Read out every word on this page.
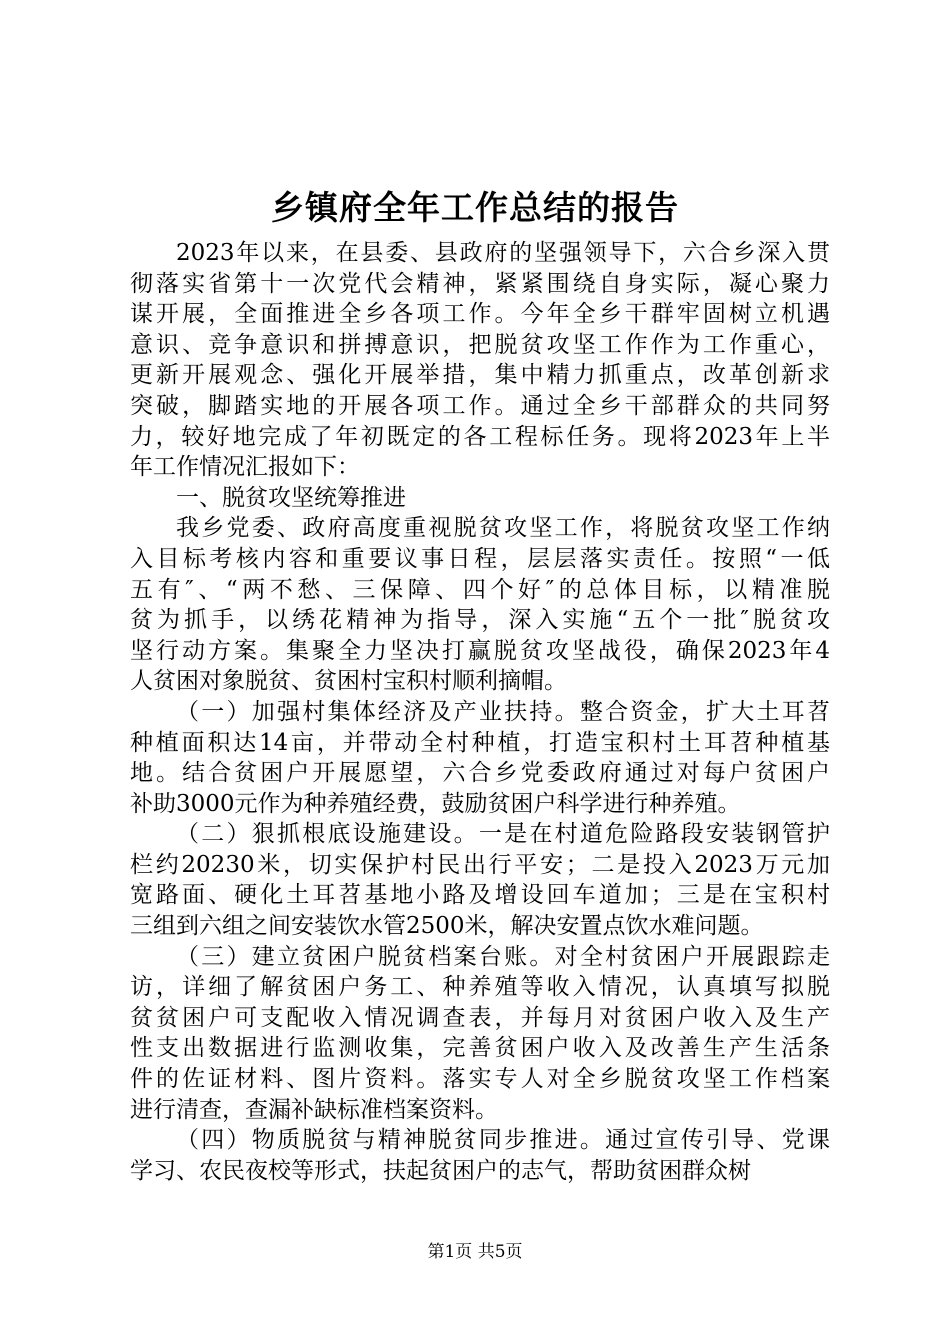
乡镇府全年工作总结的报告
2023年以来，在县委、县政府的坚强领导下，六合乡深入贯
彻落实省第十一次党代会精神，紧紧围绕自身实际，凝心聚力
谋开展，全面推进全乡各项工作。今年全乡干群牢固树立机遇
意识、竞争意识和拼搏意识，把脱贫攻坚工作作为工作重心，
更新开展观念、强化开展举措，集中精力抓重点，改革创新求
突破，脚踏实地的开展各项工作。通过全乡干部群众的共同努
力，较好地完成了年初既定的各工程标任务。现将2023年上半
年工作情况汇报如下：
一、脱贫攻坚统筹推进
我乡党委、政府高度重视脱贫攻坚工作，将脱贫攻坚工作纳
入目标考核内容和重要议事日程，层层落实责任。按照“一低
五有″、“两不愁、三保障、四个好″的总体目标，以精准脱
贫为抓手，以绣花精神为指导，深入实施“五个一批″脱贫攻
坚行动方案。集聚全力坚决打赢脱贫攻坚战役，确保2023年4
人贫困对象脱贫、贫困村宝积村顺利摘帽。
（一）加强村集体经济及产业扶持。整合资金，扩大土耳苕
种植面积达14亩，并带动全村种植，打造宝积村土耳苕种植基
地。结合贫困户开展愿望，六合乡党委政府通过对每户贫困户
补助3000元作为种养殖经费，鼓励贫困户科学进行种养殖。
（二）狠抓根底设施建设。一是在村道危险路段安装钢管护
栏约20230米，切实保护村民出行平安；二是投入2023万元加
宽路面、硬化土耳苕基地小路及增设回车道加；三是在宝积村
三组到六组之间安装饮水管2500米，解决安置点饮水难问题。
（三）建立贫困户脱贫档案台账。对全村贫困户开展跟踪走
访，详细了解贫困户务工、种养殖等收入情况，认真填写拟脱
贫贫困户可支配收入情况调查表，并每月对贫困户收入及生产
性支出数据进行监测收集，完善贫困户收入及改善生产生活条
件的佐证材料、图片资料。落实专人对全乡脱贫攻坚工作档案
进行清查，查漏补缺标准档案资料。
（四）物质脱贫与精神脱贫同步推进。通过宣传引导、党课
学习、农民夜校等形式，扶起贫困户的志气，帮助贫困群众树
第1页 共5页
